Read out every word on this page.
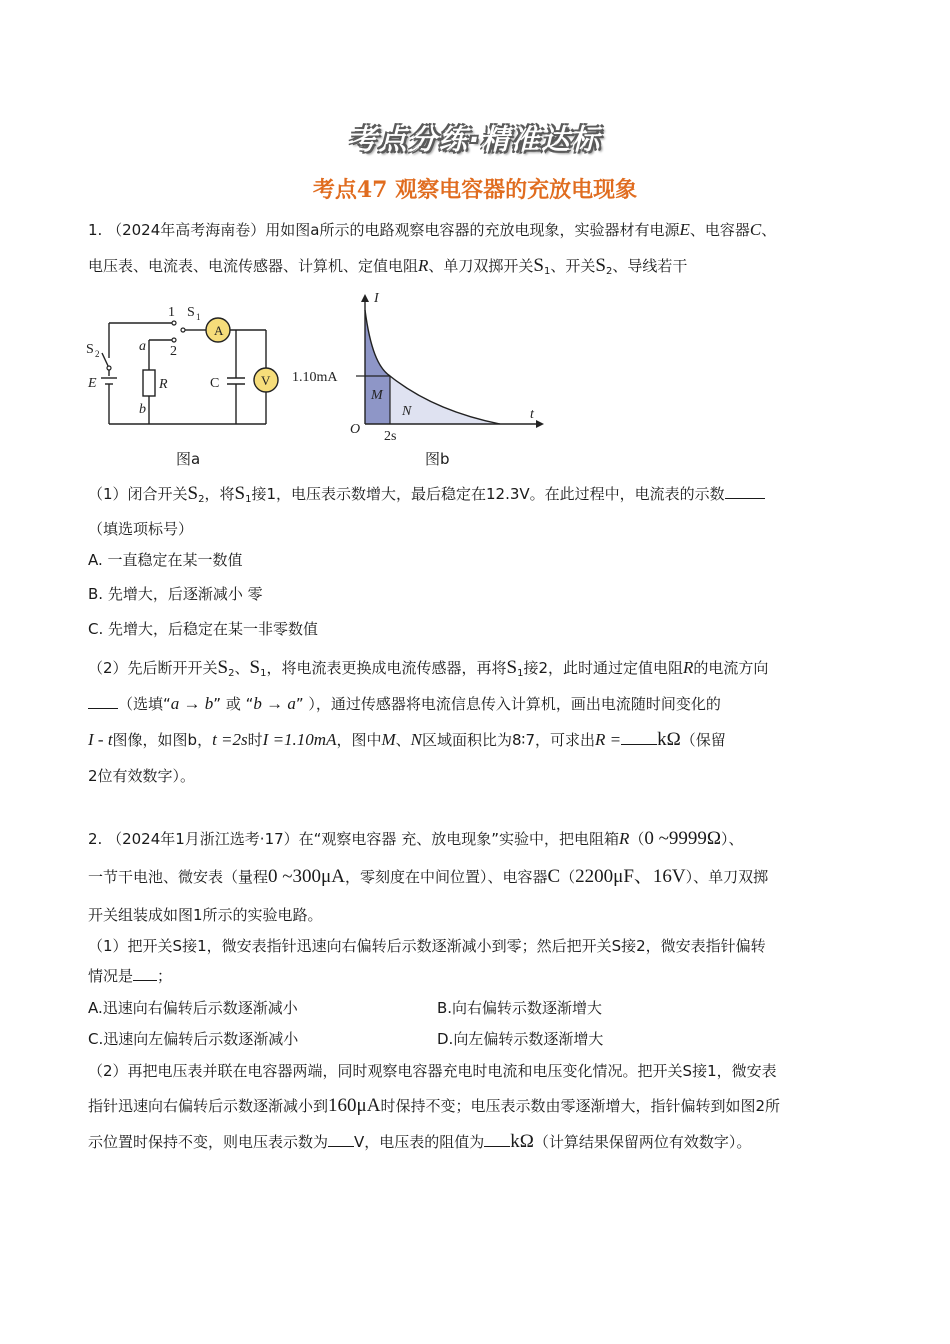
考点分练·精准达标
考点47 观察电容器的充放电现象
1. （2024年高考海南卷）用如图a所示的电路观察电容器的充放电现象，实验器材有电源E、电容器C、
电压表、电流表、电流传感器、计算机、定值电阻R、单刀双掷开关$S_1$、开关$S_2$、导线若干
A
V
1
2
S 1
S 2	a
b
E	R	C
I
t
O
1.10mA
2s
M
N
图a	图b
（1）闭合开关$S_2$，将$S_1$接1，电压表示数增大，最后稳定在12.3V。在此过程中，电流表的示数
（填选项标号）
A. 一直稳定在某一数值
B. 先增大，后逐渐减小 零
C. 先增大，后稳定在某一非零数值
（2）先后断开开关$S_2$、$S_1$，将电流表更换成电流传感器，再将$S_1$接2，此时通过定值电阻R的电流方向
（选填“a → b” 或 “b → a” ），通过传感器将电流信息传入计算机，画出电流随时间变化的
I - t图像，如图b，t =2s时I =1.10mA，图中M、N区域面积比为8∶7，可求出R = kΩ（保留
2位有效数字）。
2. （2024年1月浙江选考·17）在“观察电容器 充、放电现象”实验中，把电阻箱R（0 ~9999Ω）、
一节干电池、微安表（量程0 ~300μA，零刻度在中间位置）、电容器C（2200μF、16V）、单刀双掷
开关组装成如图1所示的实验电路。
（1）把开关S接1，微安表指针迅速向右偏转后示数逐渐减小到零；然后把开关S接2，微安表指针偏转
情况是 ；
A.迅速向右偏转后示数逐渐减小	B.向右偏转示数逐渐增大
C.迅速向左偏转后示数逐渐减小	D.向左偏转示数逐渐增大
（2）再把电压表并联在电容器两端，同时观察电容器充电时电流和电压变化情况。把开关S接1，微安表
指针迅速向右偏转后示数逐渐减小到160μA时保持不变；电压表示数由零逐渐增大，指针偏转到如图2所
示位置时保持不变，则电压表示数为 V，电压表的阻值为 kΩ（计算结果保留两位有效数字）。
